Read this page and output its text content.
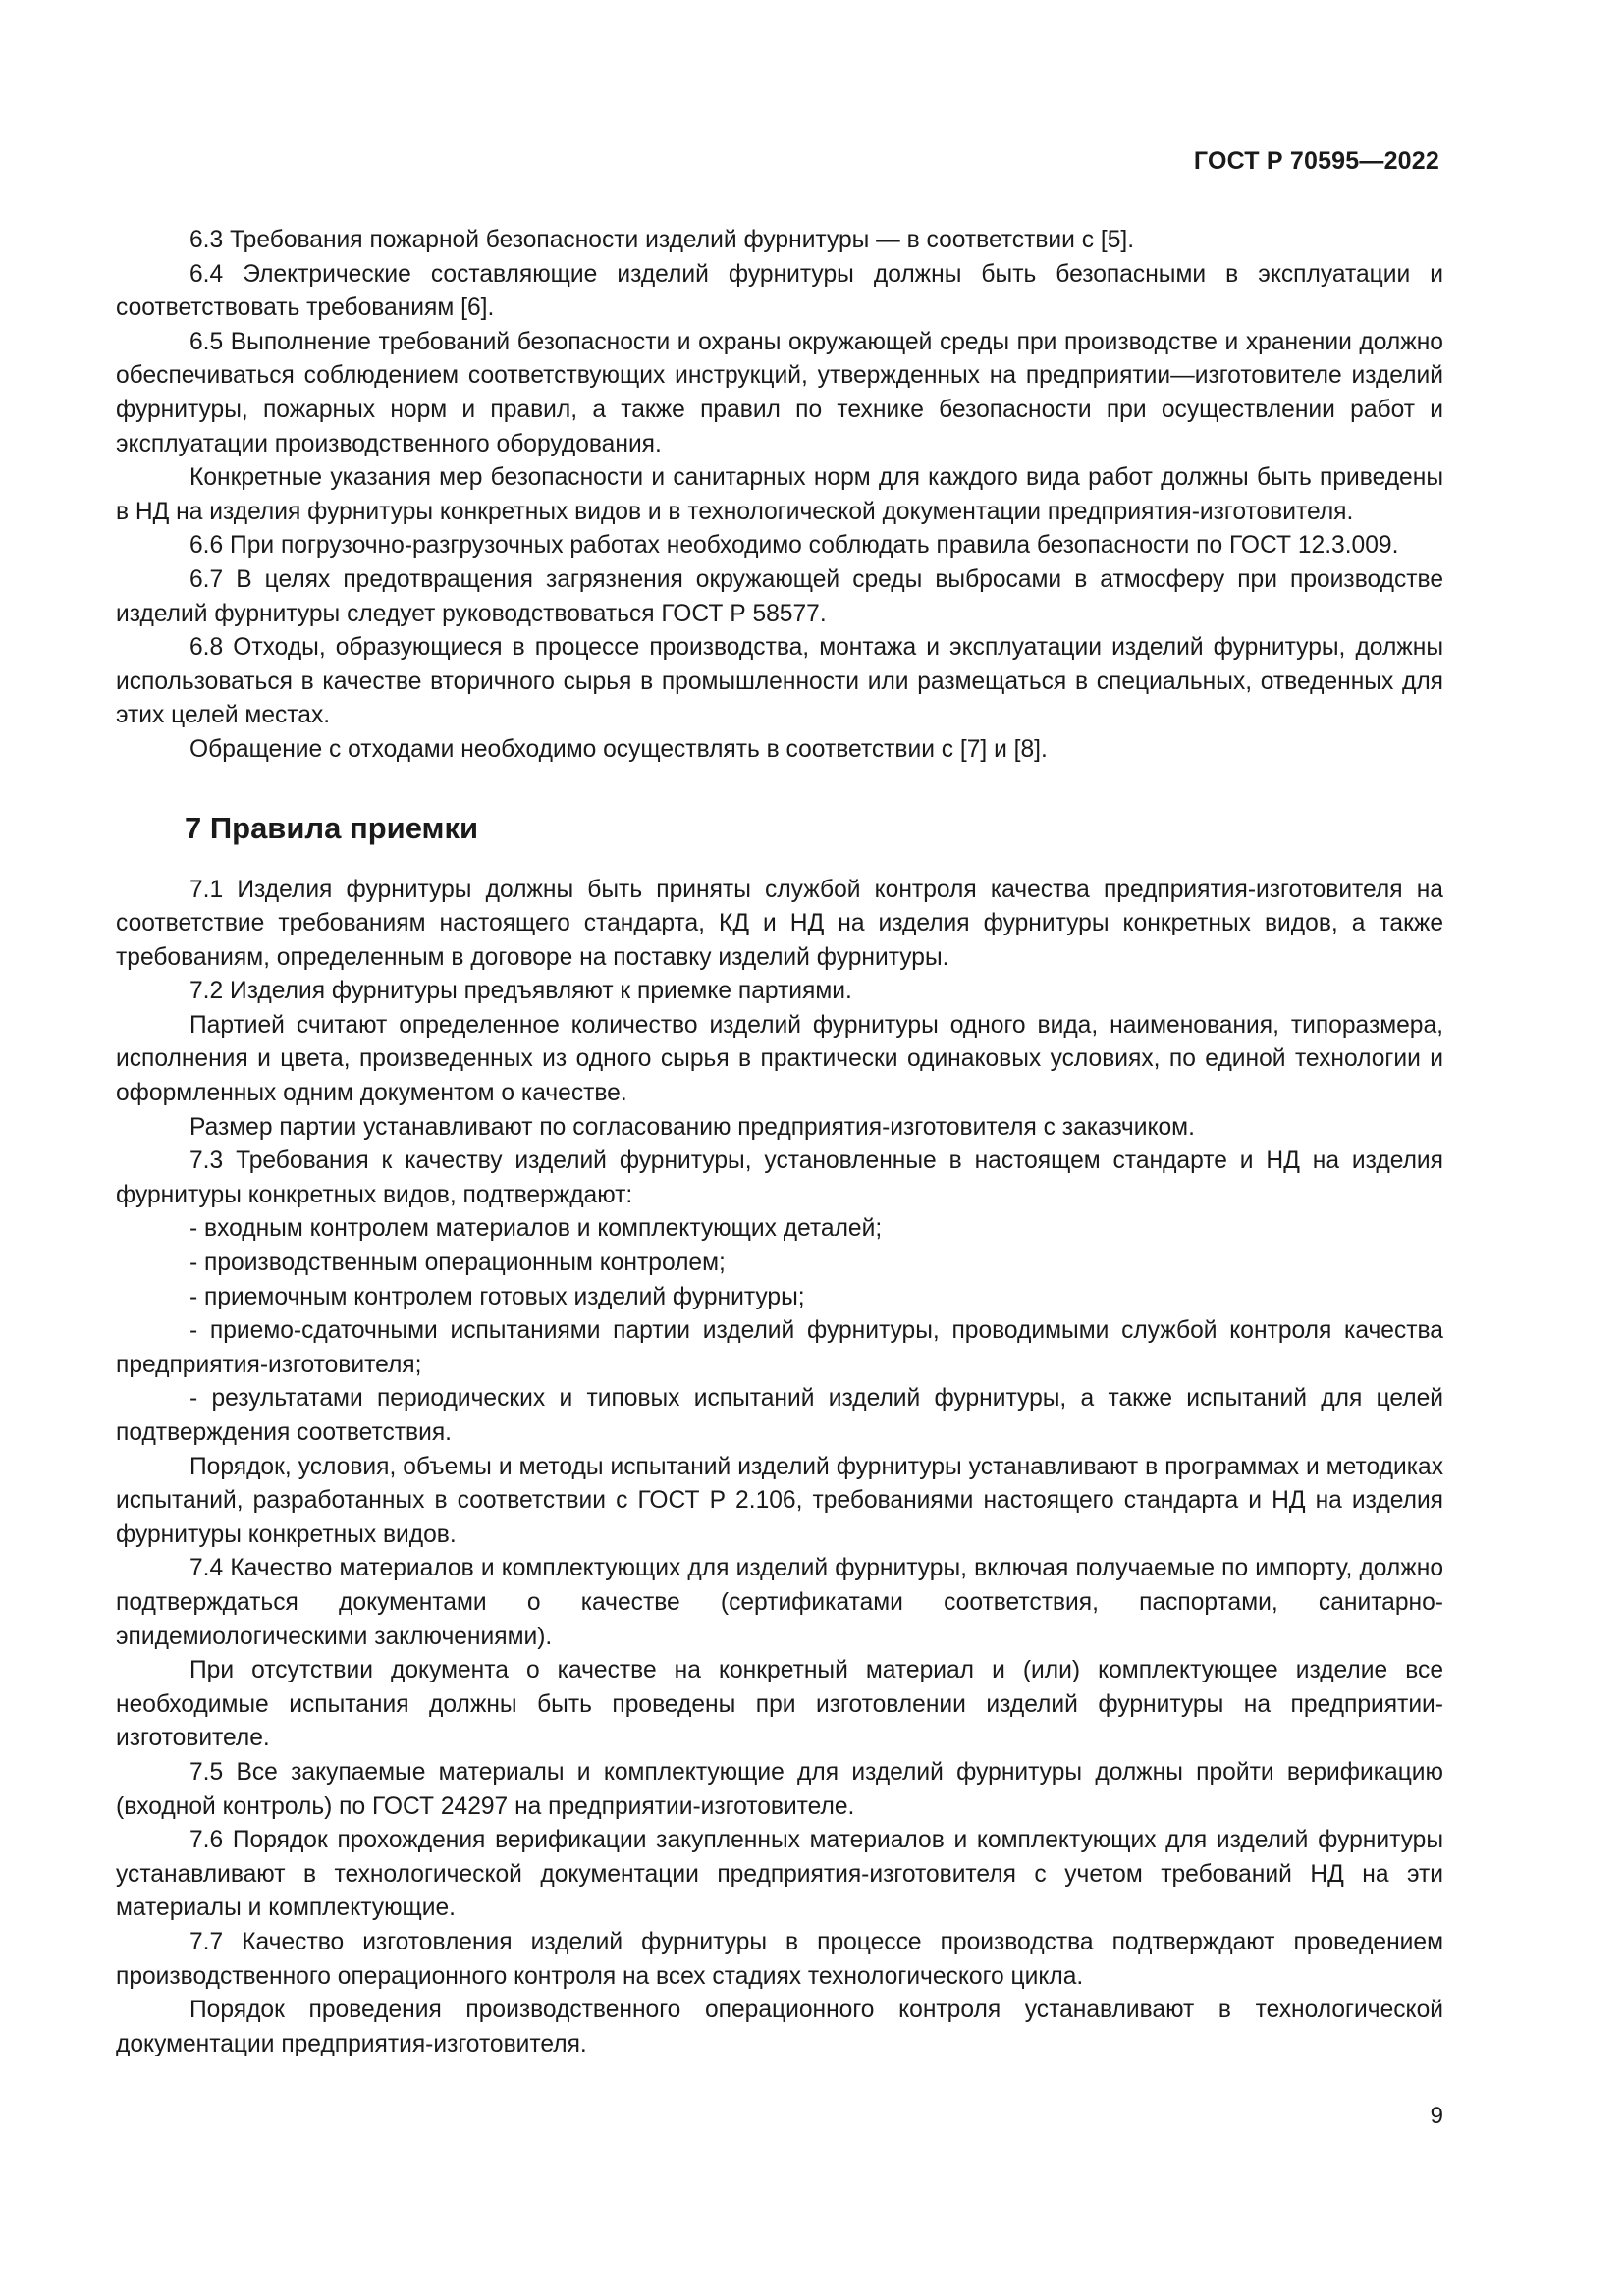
ГОСТ Р 70595—2022

6.3 Требования пожарной безопасности изделий фурнитуры — в соответствии с [5].

6.4 Электрические составляющие изделий фурнитуры должны быть безопасными в эксплуатации и соответствовать требованиям [6].

6.5 Выполнение требований безопасности и охраны окружающей среды при производстве и хранении должно обеспечиваться соблюдением соответствующих инструкций, утвержденных на предприятии—изготовителе изделий фурнитуры, пожарных норм и правил, а также правил по технике безопасности при осуществлении работ и эксплуатации производственного оборудования.

Конкретные указания мер безопасности и санитарных норм для каждого вида работ должны быть приведены в НД на изделия фурнитуры конкретных видов и в технологической документации предприятия-изготовителя.

6.6 При погрузочно-разгрузочных работах необходимо соблюдать правила безопасности по ГОСТ 12.3.009.

6.7 В целях предотвращения загрязнения окружающей среды выбросами в атмосферу при производстве изделий фурнитуры следует руководствоваться ГОСТ Р 58577.

6.8 Отходы, образующиеся в процессе производства, монтажа и эксплуатации изделий фурнитуры, должны использоваться в качестве вторичного сырья в промышленности или размещаться в специальных, отведенных для этих целей местах.

Обращение с отходами необходимо осуществлять в соответствии с [7] и [8].

7 Правила приемки

7.1 Изделия фурнитуры должны быть приняты службой контроля качества предприятия-изготовителя на соответствие требованиям настоящего стандарта, КД и НД на изделия фурнитуры конкретных видов, а также требованиям, определенным в договоре на поставку изделий фурнитуры.

7.2 Изделия фурнитуры предъявляют к приемке партиями.

Партией считают определенное количество изделий фурнитуры одного вида, наименования, типоразмера, исполнения и цвета, произведенных из одного сырья в практически одинаковых условиях, по единой технологии и оформленных одним документом о качестве.

Размер партии устанавливают по согласованию предприятия-изготовителя с заказчиком.

7.3 Требования к качеству изделий фурнитуры, установленные в настоящем стандарте и НД на изделия фурнитуры конкретных видов, подтверждают:

- входным контролем материалов и комплектующих деталей;

- производственным операционным контролем;

- приемочным контролем готовых изделий фурнитуры;

- приемо-сдаточными испытаниями партии изделий фурнитуры, проводимыми службой контроля качества предприятия-изготовителя;

- результатами периодических и типовых испытаний изделий фурнитуры, а также испытаний для целей подтверждения соответствия.

Порядок, условия, объемы и методы испытаний изделий фурнитуры устанавливают в программах и методиках испытаний, разработанных в соответствии с ГОСТ Р 2.106, требованиями настоящего стандарта и НД на изделия фурнитуры конкретных видов.

7.4 Качество материалов и комплектующих для изделий фурнитуры, включая получаемые по импорту, должно подтверждаться документами о качестве (сертификатами соответствия, паспортами, санитарно-эпидемиологическими заключениями).

При отсутствии документа о качестве на конкретный материал и (или) комплектующее изделие все необходимые испытания должны быть проведены при изготовлении изделий фурнитуры на предприятии-изготовителе.

7.5 Все закупаемые материалы и комплектующие для изделий фурнитуры должны пройти верификацию (входной контроль) по ГОСТ 24297 на предприятии-изготовителе.

7.6 Порядок прохождения верификации закупленных материалов и комплектующих для изделий фурнитуры устанавливают в технологической документации предприятия-изготовителя с учетом требований НД на эти материалы и комплектующие.

7.7 Качество изготовления изделий фурнитуры в процессе производства подтверждают проведением производственного операционного контроля на всех стадиях технологического цикла.

Порядок проведения производственного операционного контроля устанавливают в технологической документации предприятия-изготовителя.

9
